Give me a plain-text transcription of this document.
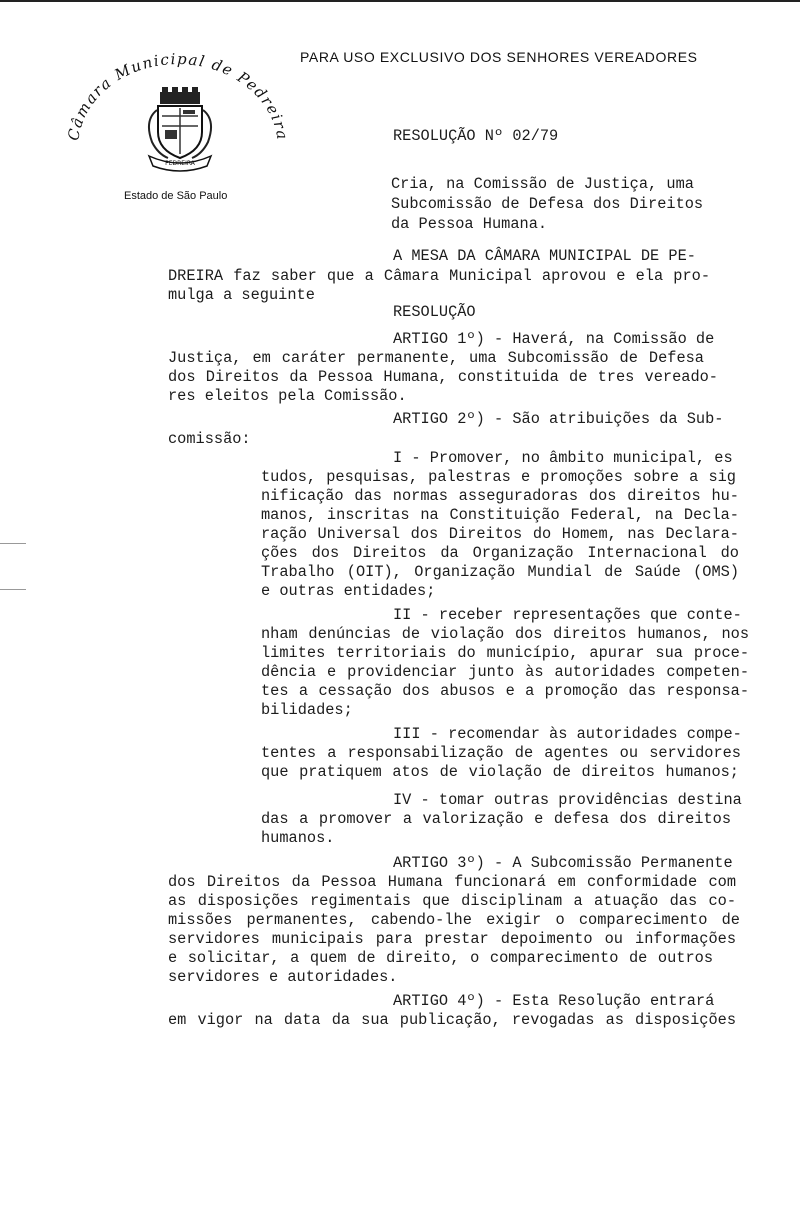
PARA USO EXCLUSIVO DOS SENHORES VEREADORES
Câmara Municipal de Pedreira
PEDREIRA
Estado de São Paulo
RESOLUÇÃO Nº 02/79
Cria, na Comissão de Justiça, uma
Subcomissão de Defesa dos Direitos
da Pessoa Humana.
A MESA DA CÂMARA MUNICIPAL DE PE-
DREIRA faz saber que a Câmara Municipal aprovou e ela pro-
mulga a seguinte
RESOLUÇÃO
ARTIGO 1º) - Haverá, na Comissão de
Justiça, em caráter permanente, uma Subcomissão de Defesa
dos Direitos da Pessoa Humana, constituida de tres vereado-
res eleitos pela Comissão.
ARTIGO 2º) - São atribuições da Sub-
comissão:
I - Promover, no âmbito municipal, es
tudos, pesquisas, palestras e promoções sobre a sig
nificação das normas asseguradoras dos direitos hu-
manos, inscritas na Constituição Federal, na Decla-
ração Universal dos Direitos do Homem, nas Declara-
ções dos Direitos da Organização Internacional do
Trabalho (OIT), Organização Mundial de Saúde (OMS)
e outras entidades;
II - receber representações que conte-
nham denúncias de violação dos direitos humanos, nos
limites territoriais do município, apurar sua proce-
dência e providenciar junto às autoridades competen-
tes a cessação dos abusos e a promoção das responsa-
bilidades;
III - recomendar às autoridades compe-
tentes a responsabilização de agentes ou servidores
que pratiquem atos de violação de direitos humanos;
IV - tomar outras providências destina
das a promover a valorização e defesa dos direitos
humanos.
ARTIGO 3º) - A Subcomissão Permanente
dos Direitos da Pessoa Humana funcionará em conformidade com
as disposições regimentais que disciplinam a atuação das co-
missões permanentes, cabendo-lhe exigir o comparecimento de
servidores municipais para prestar depoimento ou informações
e solicitar, a quem de direito, o comparecimento de outros
servidores e autoridades.
ARTIGO 4º) - Esta Resolução entrará
em vigor na data da sua publicação, revogadas as disposições
